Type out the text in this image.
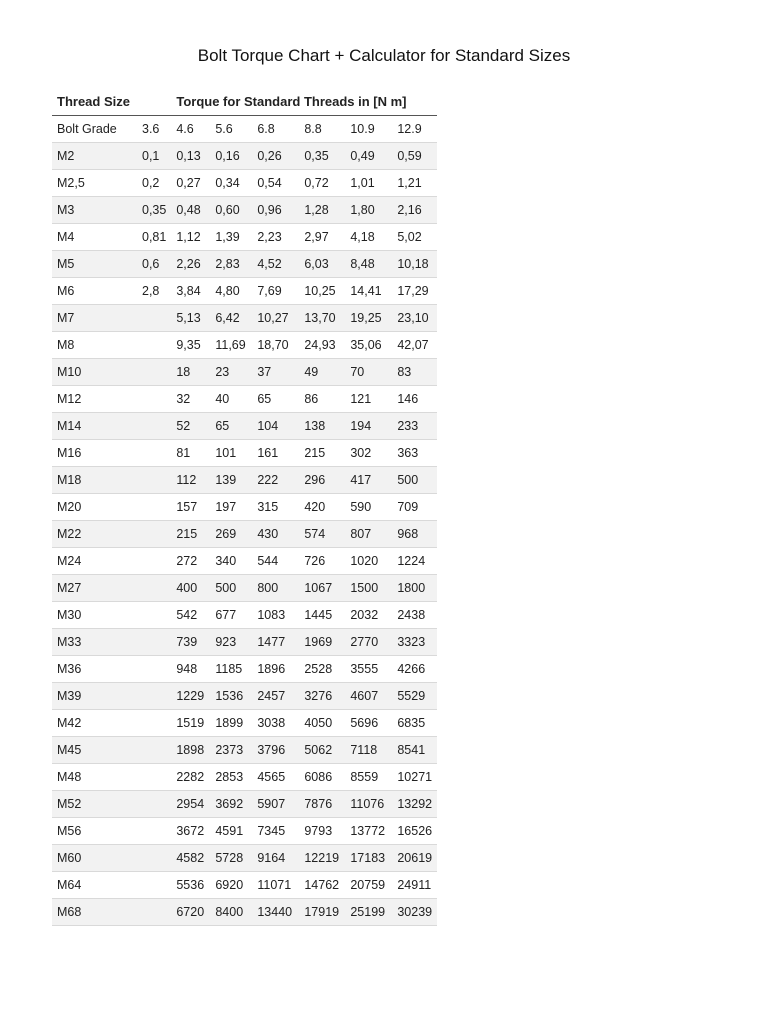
Bolt Torque Chart + Calculator for Standard Sizes
Thread Size		Torque for Standard Threads in [N m]					
Bolt Grade	3.6	4.6	5.6	6.8	8.8	10.9	12.9
M2	0,1	0,13	0,16	0,26	0,35	0,49	0,59
M2,5	0,2	0,27	0,34	0,54	0,72	1,01	1,21
M3	0,35	0,48	0,60	0,96	1,28	1,80	2,16
M4	0,81	1,12	1,39	2,23	2,97	4,18	5,02
M5	0,6	2,26	2,83	4,52	6,03	8,48	10,18
M6	2,8	3,84	4,80	7,69	10,25	14,41	17,29
M7		5,13	6,42	10,27	13,70	19,25	23,10
M8		9,35	11,69	18,70	24,93	35,06	42,07
M10		18	23	37	49	70	83
M12		32	40	65	86	121	146
M14		52	65	104	138	194	233
M16		81	101	161	215	302	363
M18		112	139	222	296	417	500
M20		157	197	315	420	590	709
M22		215	269	430	574	807	968
M24		272	340	544	726	1020	1224
M27		400	500	800	1067	1500	1800
M30		542	677	1083	1445	2032	2438
M33		739	923	1477	1969	2770	3323
M36		948	1185	1896	2528	3555	4266
M39		1229	1536	2457	3276	4607	5529
M42		1519	1899	3038	4050	5696	6835
M45		1898	2373	3796	5062	7118	8541
M48		2282	2853	4565	6086	8559	10271
M52		2954	3692	5907	7876	11076	13292
M56		3672	4591	7345	9793	13772	16526
M60		4582	5728	9164	12219	17183	20619
M64		5536	6920	11071	14762	20759	24911
M68		6720	8400	13440	17919	25199	30239
